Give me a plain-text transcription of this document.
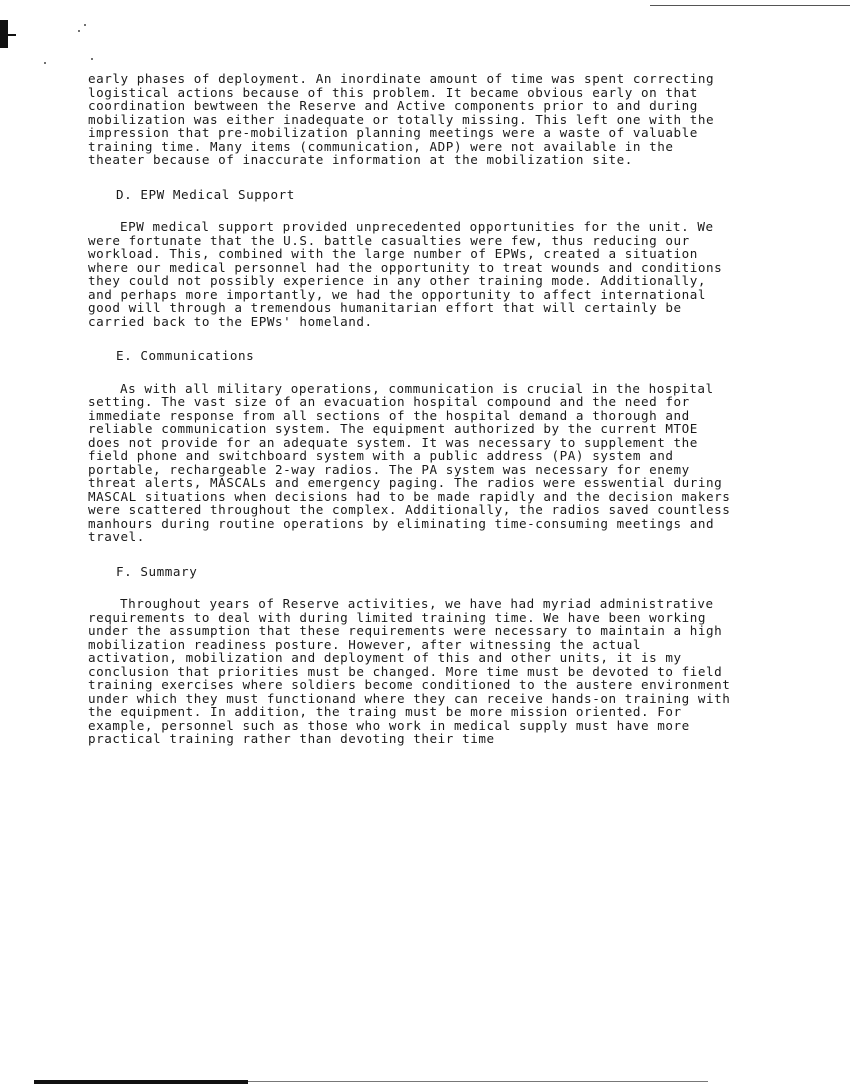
early phases of deployment. An inordinate amount of time was spent correcting logistical actions because of this problem. It became obvious early on that coordination bewtween the Reserve and Active components prior to and during mobilization was either inadequate or totally missing. This left one with the impression that pre-mobilization planning meetings were a waste of valuable training time. Many items (communication, ADP) were not available in the theater because of inaccurate information at the mobilization site.

D. EPW Medical Support

EPW medical support provided unprecedented opportunities for the unit. We were fortunate that the U.S. battle casualties were few, thus reducing our workload. This, combined with the large number of EPWs, created a situation where our medical personnel had the opportunity to treat wounds and conditions they could not possibly experience in any other training mode. Additionally, and perhaps more importantly, we had the opportunity to affect international good will through a tremendous humanitarian effort that will certainly be carried back to the EPWs' homeland.

E. Communications

As with all military operations, communication is crucial in the hospital setting. The vast size of an evacuation hospital compound and the need for immediate response from all sections of the hospital demand a thorough and reliable communication system. The equipment authorized by the current MTOE does not provide for an adequate system. It was necessary to supplement the field phone and switchboard system with a public address (PA) system and portable, rechargeable 2-way radios. The PA system was necessary for enemy threat alerts, MASCALs and emergency paging. The radios were esswential during MASCAL situations when decisions had to be made rapidly and the decision makers were scattered throughout the complex. Additionally, the radios saved countless manhours during routine operations by eliminating time-consuming meetings and travel.

F. Summary

Throughout years of Reserve activities, we have had myriad administrative requirements to deal with during limited training time. We have been working under the assumption that these requirements were necessary to maintain a high mobilization readiness posture. However, after witnessing the actual activation, mobilization and deployment of this and other units, it is my conclusion that priorities must be changed. More time must be devoted to field training exercises where soldiers become conditioned to the austere environment under which they must functionand where they can receive hands-on training with the equipment. In addition, the traing must be more mission oriented. For example, personnel such as those who work in medical supply must have more practical training rather than devoting their time
